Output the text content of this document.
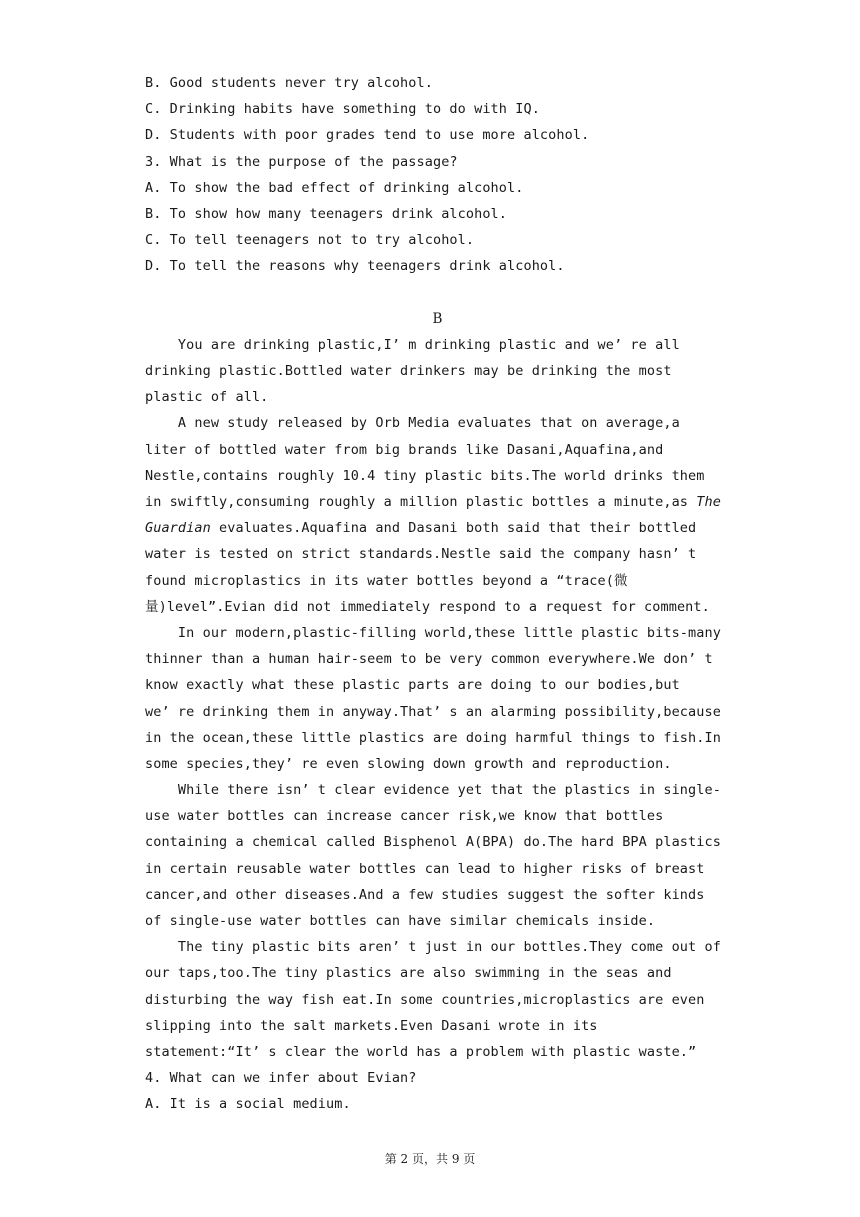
B. Good students never try alcohol.
C. Drinking habits have something to do with IQ.
D. Students with poor grades tend to use more alcohol.
3. What is the purpose of the passage?
A. To show the bad effect of drinking alcohol.
B. To show how many teenagers drink alcohol.
C. To tell teenagers not to try alcohol.
D. To tell the reasons why teenagers drink alcohol.
B
You are drinking plastic,I’ m drinking plastic and we’ re all
drinking plastic.Bottled water drinkers may be drinking the most
plastic of all.
A new study released by Orb Media evaluates that on average,a
liter of bottled water from big brands like Dasani,Aquafina,and
Nestle,contains roughly 10.4 tiny plastic bits.The world drinks them
in swiftly,consuming roughly a million plastic bottles a minute,as The
Guardian evaluates.Aquafina and Dasani both said that their bottled
water is tested on strict standards.Nestle said the company hasn’ t
found microplastics in its water bottles beyond a “trace(微
量)level”.Evian did not immediately respond to a request for comment.
In our modern,plastic-filling world,these little plastic bits-many
thinner than a human hair-seem to be very common everywhere.We don’ t
know exactly what these plastic parts are doing to our bodies,but
we’ re drinking them in anyway.That’ s an alarming possibility,because
in the ocean,these little plastics are doing harmful things to fish.In
some species,they’ re even slowing down growth and reproduction.
While there isn’ t clear evidence yet that the plastics in single-
use water bottles can increase cancer risk,we know that bottles
containing a chemical called Bisphenol A(BPA) do.The hard BPA plastics
in certain reusable water bottles can lead to higher risks of breast
cancer,and other diseases.And a few studies suggest the softer kinds
of single-use water bottles can have similar chemicals inside.
The tiny plastic bits aren’ t just in our bottles.They come out of
our taps,too.The tiny plastics are also swimming in the seas and
disturbing the way fish eat.In some countries,microplastics are even
slipping into the salt markets.Even Dasani wrote in its
statement:“It’ s clear the world has a problem with plastic waste.”
4. What can we infer about Evian?
A. It is a social medium.
第 2 页，共 9 页
